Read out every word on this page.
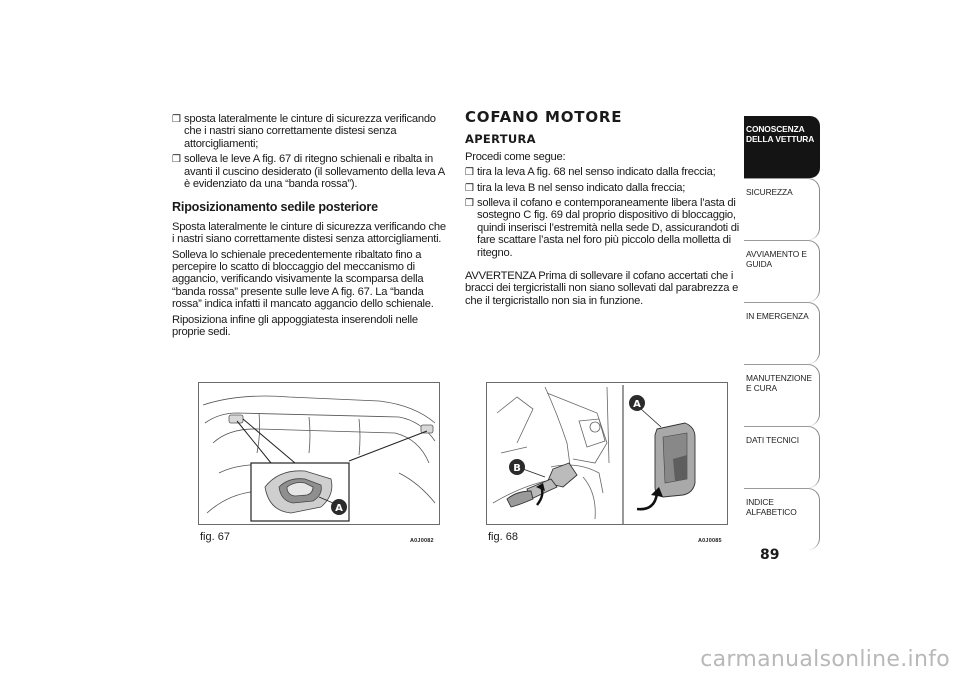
❒
sposta lateralmente le cinture di sicurezza verificando che i nastri siano correttamente distesi senza attorcigliamenti;
❒
solleva le leve A fig. 67 di ritegno schienali e ribalta in avanti il cuscino desiderato (il sollevamento della leva A è evidenziato da una “banda rossa”).
Riposizionamento sedile posteriore
Sposta lateralmente le cinture di sicurezza verificando che i nastri siano correttamente distesi senza attorcigliamenti.
Solleva lo schienale precedentemente ribaltato fino a percepire lo scatto di bloccaggio del meccanismo di aggancio, verificando visivamente la scomparsa della “banda rossa” presente sulle leve A fig. 67. La “banda rossa” indica infatti il mancato aggancio dello schienale.
Riposiziona infine gli appoggiatesta inserendoli nelle proprie sedi.
COFANO MOTORE
APERTURA
Procedi come segue:
❒
tira la leva A fig. 68 nel senso indicato dalla freccia;
❒
tira la leva B nel senso indicato dalla freccia;
❒
solleva il cofano e contemporaneamente libera l’asta di sostegno C fig. 69 dal proprio dispositivo di bloccaggio, quindi inserisci l’estremità nella sede D, assicurandoti di fare scattare l’asta nel foro più piccolo della molletta di ritegno.
AVVERTENZA Prima di sollevare il cofano accertati che i bracci dei tergicristalli non siano sollevati dal parabrezza e che il tergicristallo non sia in funzione.
A
fig. 67	A0J0082
A
B
fig. 68	A0J0085
CONOSCENZA DELLA VETTURA
SICUREZZA
AVVIAMENTO E GUIDA
IN EMERGENZA
MANUTENZIONE E CURA
DATI TECNICI
INDICE ALFABETICO
89
carmanualsonline.info
